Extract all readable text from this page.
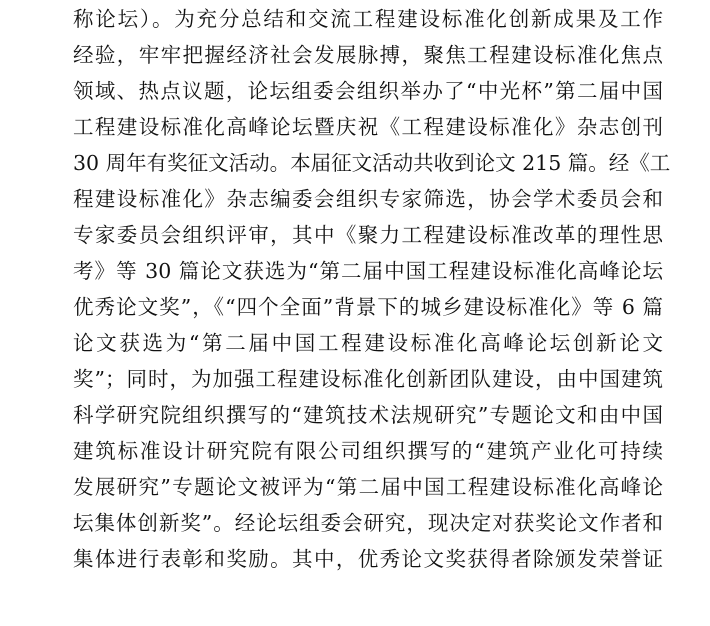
称论坛）。为充分总结和交流工程建设标准化创新成果及工作
经验，牢牢把握经济社会发展脉搏，聚焦工程建设标准化焦点
领域、热点议题，论坛组委会组织举办了“中光杯”第二届中国
工程建设标准化高峰论坛暨庆祝《工程建设标准化》杂志创刊
30 周年有奖征文活动。本届征文活动共收到论文 215 篇。经《工
程建设标准化》杂志编委会组织专家筛选，协会学术委员会和
专家委员会组织评审，其中《聚力工程建设标准改革的理性思
考》等 30 篇论文获选为“第二届中国工程建设标准化高峰论坛
优秀论文奖”，《“四个全面”背景下的城乡建设标准化》等 6 篇
论文获选为“第二届中国工程建设标准化高峰论坛创新论文
奖”；同时，为加强工程建设标准化创新团队建设，由中国建筑
科学研究院组织撰写的“建筑技术法规研究”专题论文和由中国
建筑标准设计研究院有限公司组织撰写的“建筑产业化可持续
发展研究”专题论文被评为“第二届中国工程建设标准化高峰论
坛集体创新奖”。经论坛组委会研究，现决定对获奖论文作者和
集体进行表彰和奖励。其中，优秀论文奖获得者除颁发荣誉证
